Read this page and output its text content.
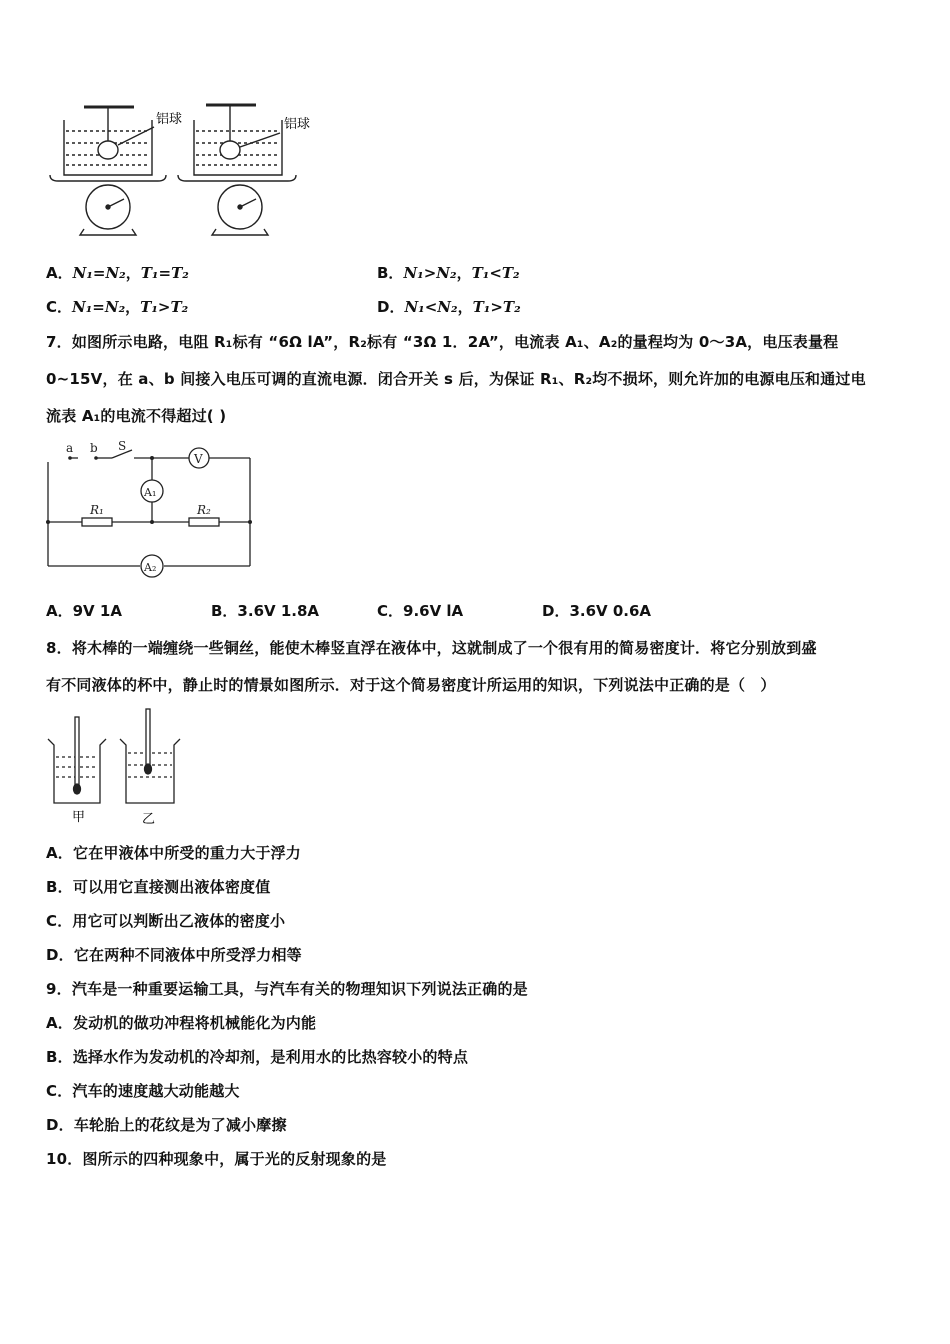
铝球	铝球
A．N₁=N₂，T₁=T₂	B．N₁>N₂，T₁<T₂
C．N₁=N₂，T₁>T₂	D．N₁<N₂，T₁>T₂
7．如图所示电路，电阻 R₁标有 “6Ω lA”，R₂标有 “3Ω 1．2A”，电流表 A₁、A₂的量程均为 0～3A，电压表量程
0~15V，在 a、b 间接入电压可调的直流电源．闭合开关 s 后，为保证 R₁、R₂均不损坏，则允许加的电源电压和通过电
流表 A₁的电流不得超过( )
a b S
V
A₁
A₂
R₁	R₂
A．9V 1A	B．3.6V 1.8A	C．9.6V lA	D．3.6V 0.6A
8．将木棒的一端缠绕一些铜丝，能使木棒竖直浮在液体中，这就制成了一个很有用的简易密度计．将它分别放到盛
有不同液体的杯中，静止时的情景如图所示．对于这个简易密度计所运用的知识，下列说法中正确的是（　）
甲	乙
A．它在甲液体中所受的重力大于浮力
B．可以用它直接测出液体密度值
C．用它可以判断出乙液体的密度小
D．它在两种不同液体中所受浮力相等
9．汽车是一种重要运输工具，与汽车有关的物理知识下列说法正确的是
A．发动机的做功冲程将机械能化为内能
B．选择水作为发动机的冷却剂，是利用水的比热容较小的特点
C．汽车的速度越大动能越大
D．车轮胎上的花纹是为了减小摩擦
10．图所示的四种现象中，属于光的反射现象的是
